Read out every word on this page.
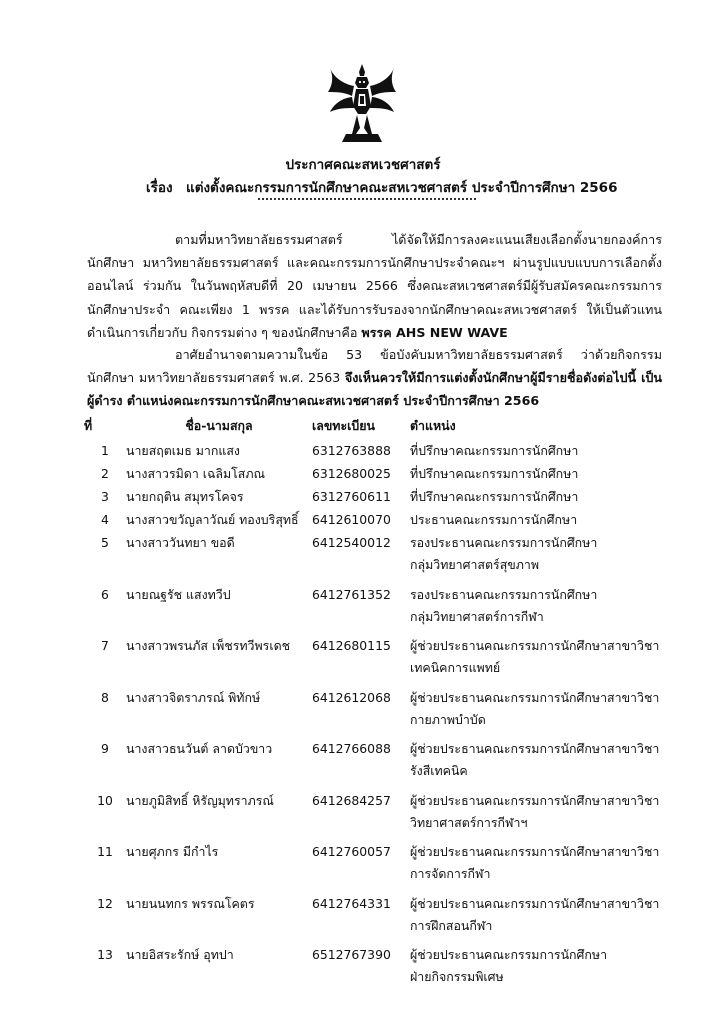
ประกาศคณะสหเวชศาสตร์
เรื่อง แต่งตั้งคณะกรรมการนักศึกษาคณะสหเวชศาสตร์ ประจำปีการศึกษา 2566
ตามที่มหาวิทยาลัยธรรมศาสตร์ ได้จัดให้มีการลงคะแนนเสียงเลือกตั้งนายกองค์การนักศึกษา มหาวิทยาลัยธรรมศาสตร์ และคณะกรรมการนักศึกษาประจำคณะฯ ผ่านรูปแบบแบบการเลือกตั้งออนไลน์ ร่วมกัน ในวันพฤหัสบดีที่ 20 เมษายน 2566 ซึ่งคณะสหเวชศาสตร์มีผู้รับสมัครคณะกรรมการนักศึกษาประจำ คณะเพียง 1 พรรค และได้รับการรับรองจากนักศึกษาคณะสหเวชศาสตร์ ให้เป็นตัวแทนดำเนินการเกี่ยวกับ กิจกรรมต่าง ๆ ของนักศึกษาคือ พรรค AHS NEW WAVE
อาศัยอำนาจตามความในข้อ 53 ข้อบังคับมหาวิทยาลัยธรรมศาสตร์ ว่าด้วยกิจกรรมนักศึกษา มหาวิทยาลัยธรรมศาสตร์ พ.ศ. 2563 จึงเห็นควรให้มีการแต่งตั้งนักศึกษาผู้มีรายชื่อดังต่อไปนี้ เป็นผู้ดำรง ตำแหน่งคณะกรรมการนักศึกษาคณะสหเวชศาสตร์ ประจำปีการศึกษา 2566
ที่	ชื่อ-นามสกุล	เลขทะเบียน	ตำแหน่ง
1	นายสฤตเมธ มากแสง	6312763888	ที่ปรึกษาคณะกรรมการนักศึกษา

2	นางสาวรมิดา เฉลิมโสภณ	6312680025	ที่ปรึกษาคณะกรรมการนักศึกษา

3	นายกฤติน สมุทรโคจร	6312760611	ที่ปรึกษาคณะกรรมการนักศึกษา

4	นางสาวขวัญลาวัณย์ ทองบริสุทธิ์	6412610070	ประธานคณะกรรมการนักศึกษา

5	นางสาววันทยา ขอดี	6412540012	รองประธานคณะกรรมการนักศึกษา
กลุ่มวิทยาศาสตร์สุขภาพ

6	นายณฐรัช แสงทวีป	6412761352	รองประธานคณะกรรมการนักศึกษา
กลุ่มวิทยาศาสตร์การกีฬา

7	นางสาวพรนภัส เพ็ชรทวีพรเดช	6412680115	ผู้ช่วยประธานคณะกรรมการนักศึกษาสาขาวิชา
เทคนิคการแพทย์

8	นางสาวจิตราภรณ์ พิทักษ์	6412612068	ผู้ช่วยประธานคณะกรรมการนักศึกษาสาขาวิชา
กายภาพบำบัด

9	นางสาวธนวันต์ ลาดบัวขาว	6412766088	ผู้ช่วยประธานคณะกรรมการนักศึกษาสาขาวิชา
รังสีเทคนิค

10	นายภูมิสิทธิ์ หิรัญมุทราภรณ์	6412684257	ผู้ช่วยประธานคณะกรรมการนักศึกษาสาขาวิชา
วิทยาศาสตร์การกีฬาฯ

11	นายศุภกร มีกำไร	6412760057	ผู้ช่วยประธานคณะกรรมการนักศึกษาสาขาวิชา
การจัดการกีฬา

12	นายนนทกร พรรณโคตร	6412764331	ผู้ช่วยประธานคณะกรรมการนักศึกษาสาขาวิชา
การฝึกสอนกีฬา

13	นายอิสระรักษ์ อุทปา	6512767390	ผู้ช่วยประธานคณะกรรมการนักศึกษา
ฝ่ายกิจกรรมพิเศษ
